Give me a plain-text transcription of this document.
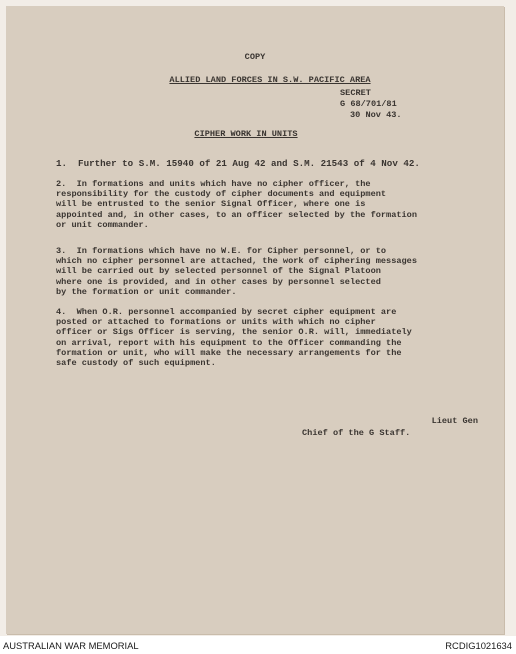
COPY
ALLIED LAND FORCES IN S.W. PACIFIC AREA
SECRET
G 68/701/81
30 Nov 43.
CIPHER WORK IN UNITS
1.  Further to S.M. 15940 of 21 Aug 42 and S.M. 21543 of 4 Nov 42.
2.  In formations and units which have no cipher officer, the
responsibility for the custody of cipher documents and equipment
will be entrusted to the senior Signal Officer, where one is
appointed and, in other cases, to an officer selected by the formation
or unit commander.
3.  In formations which have no W.E. for Cipher personnel, or to
which no cipher personnel are attached, the work of ciphering messages
will be carried out by selected personnel of the Signal Platoon
where one is provided, and in other cases by personnel selected
by the formation or unit commander.
4.  When O.R. personnel accompanied by secret cipher equipment are
posted or attached to formations or units with which no cipher
officer or Sigs Officer is serving, the senior O.R. will, immediately
on arrival, report with his equipment to the Officer commanding the
formation or unit, who will make the necessary arrangements for the
safe custody of such equipment.
Lieut Gen
Chief of the G Staff.
AUSTRALIAN WAR MEMORIAL	RCDIG1021634
